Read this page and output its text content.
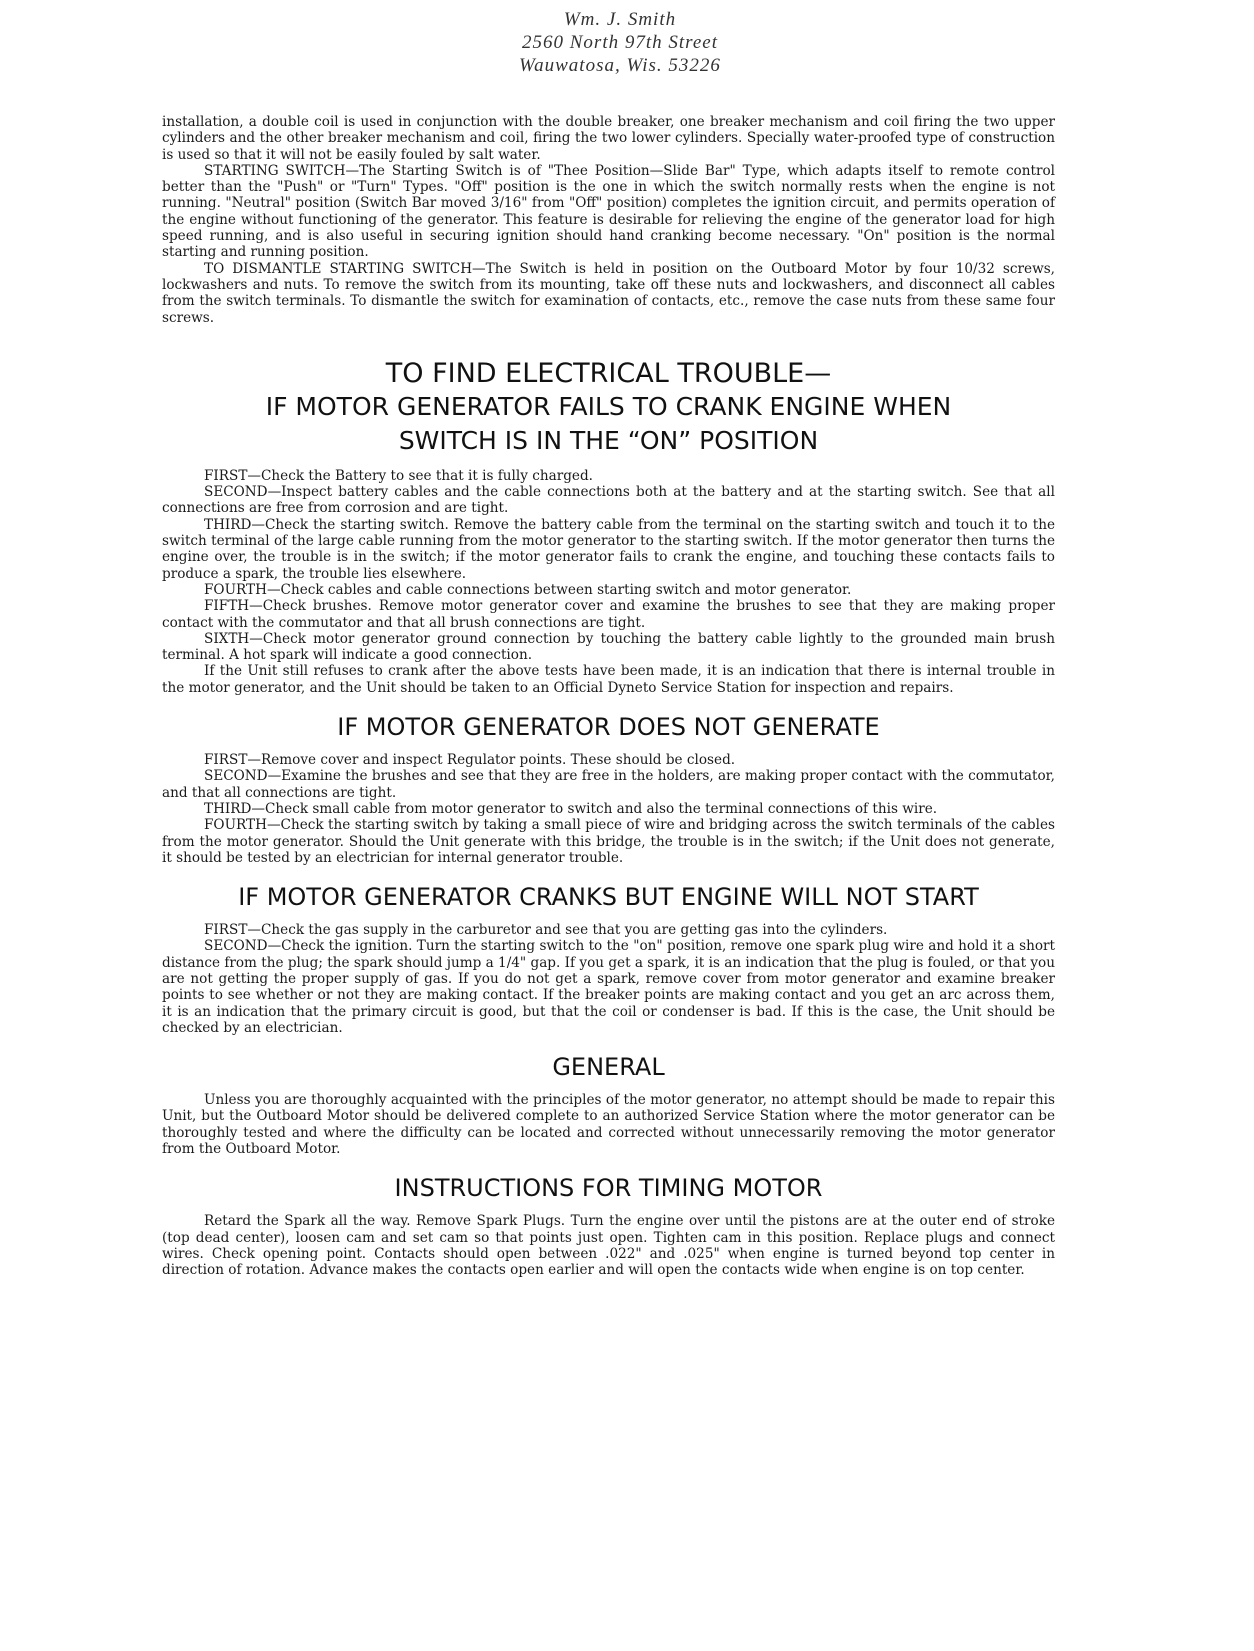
Wm. J. Smith
2560 North 97th Street
Wauwatosa, Wis. 53226

installation, a double coil is used in conjunction with the double breaker, one breaker mechanism and coil firing the two upper cylinders and the other breaker mechanism and coil, firing the two lower cylinders. Specially water-proofed type of construction is used so that it will not be easily fouled by salt water.

STARTING SWITCH—The Starting Switch is of "Thee Position—Slide Bar" Type, which adapts itself to remote control better than the "Push" or "Turn" Types. "Off" position is the one in which the switch normally rests when the engine is not running. "Neutral" position (Switch Bar moved 3/16" from "Off" position) completes the ignition circuit, and permits operation of the engine without functioning of the generator. This feature is desirable for relieving the engine of the generator load for high speed running, and is also useful in securing ignition should hand cranking become necessary. "On" position is the normal starting and running position.

TO DISMANTLE STARTING SWITCH—The Switch is held in position on the Outboard Motor by four 10/32 screws, lockwashers and nuts. To remove the switch from its mounting, take off these nuts and lockwashers, and disconnect all cables from the switch terminals. To dismantle the switch for examination of contacts, etc., remove the case nuts from these same four screws.

TO FIND ELECTRICAL TROUBLE—
IF MOTOR GENERATOR FAILS TO CRANK ENGINE WHEN
SWITCH IS IN THE “ON” POSITION

FIRST—Check the Battery to see that it is fully charged.

SECOND—Inspect battery cables and the cable connections both at the battery and at the starting switch. See that all connections are free from corrosion and are tight.

THIRD—Check the starting switch. Remove the battery cable from the terminal on the starting switch and touch it to the switch terminal of the large cable running from the motor generator to the starting switch. If the motor generator then turns the engine over, the trouble is in the switch; if the motor generator fails to crank the engine, and touching these contacts fails to produce a spark, the trouble lies elsewhere.

FOURTH—Check cables and cable connections between starting switch and motor generator.

FIFTH—Check brushes. Remove motor generator cover and examine the brushes to see that they are making proper contact with the commutator and that all brush connections are tight.

SIXTH—Check motor generator ground connection by touching the battery cable lightly to the grounded main brush terminal. A hot spark will indicate a good connection.

If the Unit still refuses to crank after the above tests have been made, it is an indication that there is internal trouble in the motor generator, and the Unit should be taken to an Official Dyneto Service Station for inspection and repairs.

IF MOTOR GENERATOR DOES NOT GENERATE

FIRST—Remove cover and inspect Regulator points. These should be closed.

SECOND—Examine the brushes and see that they are free in the holders, are making proper contact with the commutator, and that all connections are tight.

THIRD—Check small cable from motor generator to switch and also the terminal connections of this wire.

FOURTH—Check the starting switch by taking a small piece of wire and bridging across the switch terminals of the cables from the motor generator. Should the Unit generate with this bridge, the trouble is in the switch; if the Unit does not generate, it should be tested by an electrician for internal generator trouble.

IF MOTOR GENERATOR CRANKS BUT ENGINE WILL NOT START

FIRST—Check the gas supply in the carburetor and see that you are getting gas into the cylinders.

SECOND—Check the ignition. Turn the starting switch to the "on" position, remove one spark plug wire and hold it a short distance from the plug; the spark should jump a 1/4" gap. If you get a spark, it is an indication that the plug is fouled, or that you are not getting the proper supply of gas. If you do not get a spark, remove cover from motor generator and examine breaker points to see whether or not they are making contact. If the breaker points are making contact and you get an arc across them, it is an indication that the primary circuit is good, but that the coil or condenser is bad. If this is the case, the Unit should be checked by an electrician.

GENERAL

Unless you are thoroughly acquainted with the principles of the motor generator, no attempt should be made to repair this Unit, but the Outboard Motor should be delivered complete to an authorized Service Station where the motor generator can be thoroughly tested and where the difficulty can be located and corrected without unnecessarily removing the motor generator from the Outboard Motor.

INSTRUCTIONS FOR TIMING MOTOR

Retard the Spark all the way. Remove Spark Plugs. Turn the engine over until the pistons are at the outer end of stroke (top dead center), loosen cam and set cam so that points just open. Tighten cam in this position. Replace plugs and connect wires. Check opening point. Contacts should open between .022" and .025" when engine is turned beyond top center in direction of rotation. Advance makes the contacts open earlier and will open the contacts wide when engine is on top center.
